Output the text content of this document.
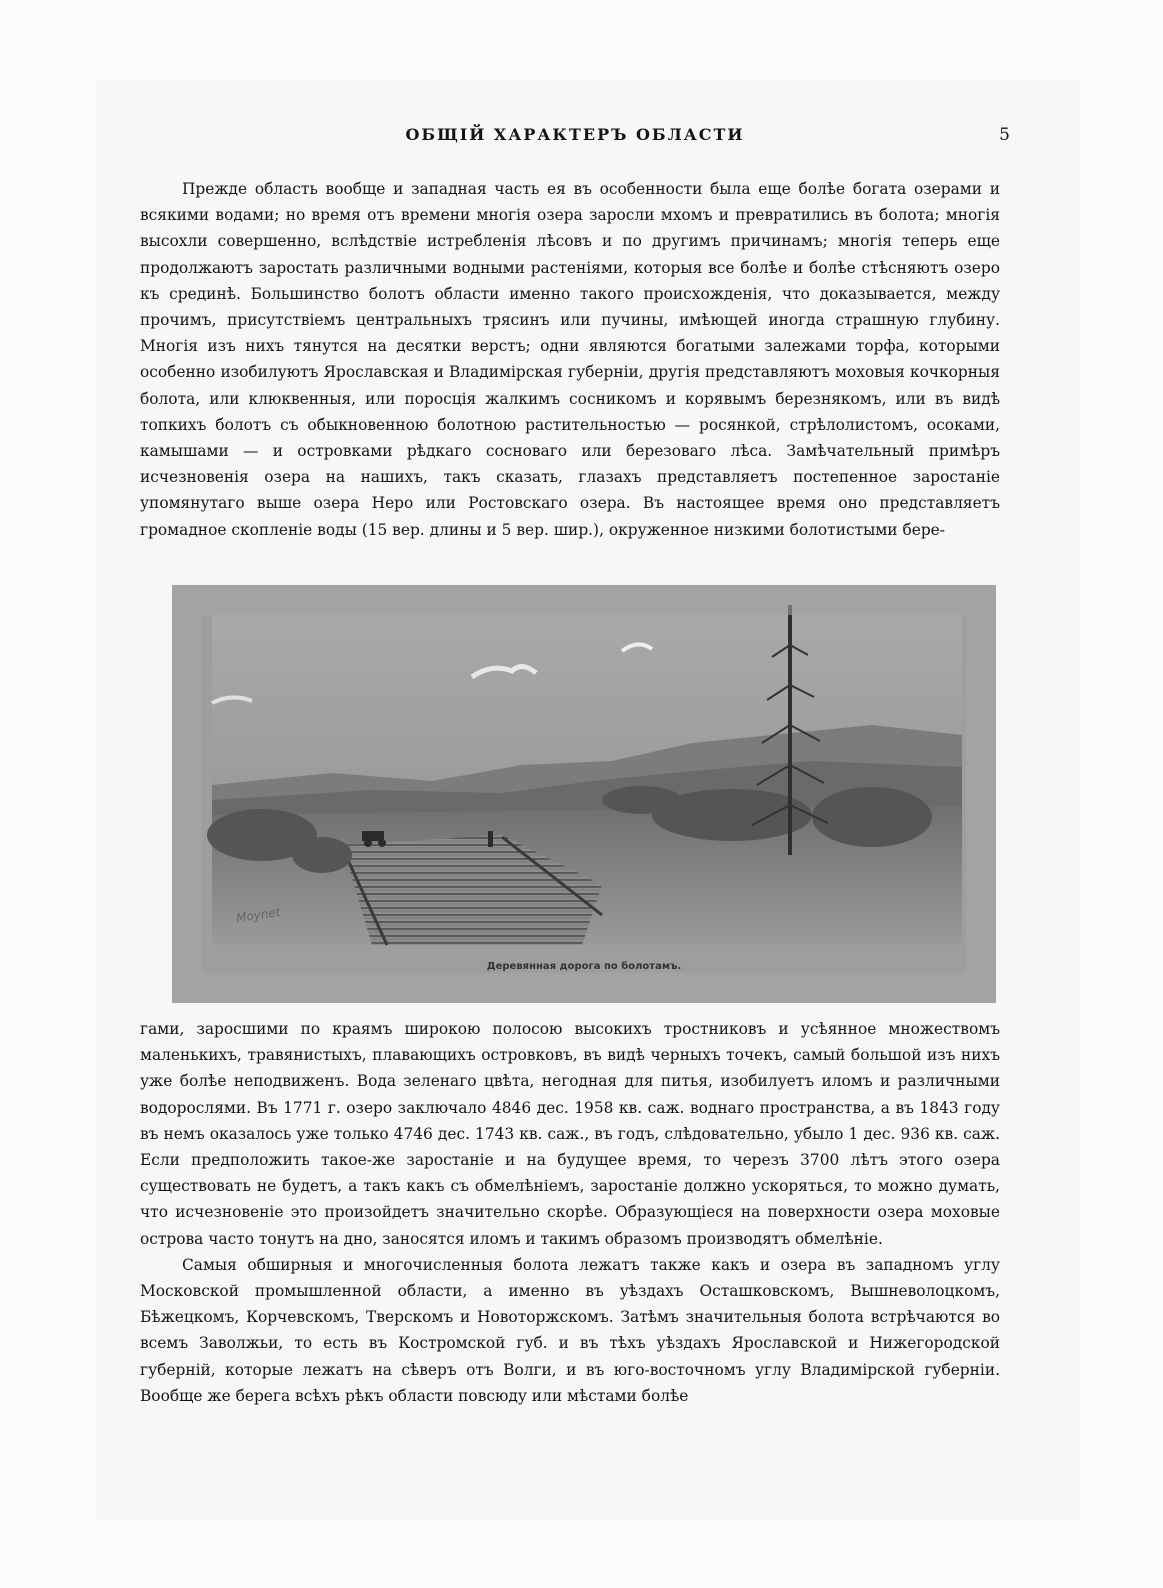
ОБЩІЙ ХАРАКТЕРЪ ОБЛАСТИ	5

Прежде область вообще и западная часть ея въ особенности была еще болѣе богата озерами и всякими водами; но время отъ времени многія озера заросли мхомъ и превратились въ болота; многія высохли совершенно, вслѣдствіе истребленія лѣсовъ и по другимъ причинамъ; многія теперь еще продолжаютъ заростать различными водными растеніями, которыя все болѣе и болѣе стѣсняютъ озеро къ срединѣ. Большинство болотъ области именно такого происхожденія, что доказывается, между прочимъ, присутствіемъ центральныхъ трясинъ или пучины, имѣющей иногда страшную глубину. Многія изъ нихъ тянутся на десятки верстъ; одни являются богатыми залежами торфа, которыми особенно изобилуютъ Ярославская и Владимірская губерніи, другія представляютъ моховыя кочкорныя болота, или клюквенныя, или поросція жалкимъ сосникомъ и корявымъ березнякомъ, или въ видѣ топкихъ болотъ съ обыкновенною болотною растительностью — росянкой, стрѣлолистомъ, осоками, камышами — и островками рѣдкаго сосноваго или березоваго лѣса. Замѣчательный примѣръ исчезновенія озера на нашихъ, такъ сказать, глазахъ представляетъ постепенное заростаніе упомянутаго выше озера Неро или Ростовскаго озера. Въ настоящее время оно представляетъ громадное скопленіе воды (15 вер. длины и 5 вер. шир.), окруженное низкими болотистыми бере-

Деревянная дорога по болотамъ.
Moynet

гами, заросшими по краямъ широкою полосою высокихъ тростниковъ и усѣянное множествомъ маленькихъ, травянистыхъ, плавающихъ островковъ, въ видѣ черныхъ точекъ, самый большой изъ нихъ уже болѣе неподвиженъ. Вода зеленаго цвѣта, негодная для питья, изобилуетъ иломъ и различными водорослями. Въ 1771 г. озеро заключало 4846 дес. 1958 кв. саж. воднаго пространства, а въ 1843 году въ немъ оказалось уже только 4746 дес. 1743 кв. саж., въ годъ, слѣдовательно, убыло 1 дес. 936 кв. саж. Если предположить такое-же заростаніе и на будущее время, то черезъ 3700 лѣтъ этого озера существовать не будетъ, а такъ какъ съ обмелѣніемъ, заростаніе должно ускоряться, то можно думать, что исчезновеніе это произойдетъ значительно скорѣе. Образующіеся на поверхности озера моховые острова часто тонутъ на дно, заносятся иломъ и такимъ образомъ производятъ обмелѣніе.

Самыя обширныя и многочисленныя болота лежатъ также какъ и озера въ западномъ углу Московской промышленной области, а именно въ уѣздахъ Осташковскомъ, Вышневолоцкомъ, Бѣжецкомъ, Корчевскомъ, Тверскомъ и Новоторжскомъ. Затѣмъ значительныя болота встрѣчаются во всемъ Заволжьи, то есть въ Костромской губ. и въ тѣхъ уѣздахъ Ярославской и Нижегородской губерній, которые лежатъ на сѣверъ отъ Волги, и въ юго-восточномъ углу Владимірской губерніи. Вообще же берега всѣхъ рѣкъ области повсюду или мѣстами болѣе
